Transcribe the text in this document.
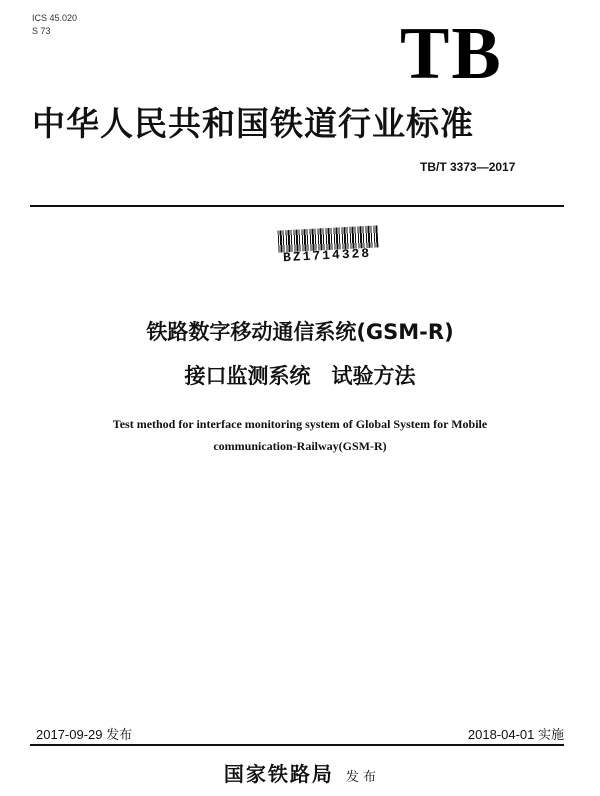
ICS 45.020
S 73	TB
中华人民共和国铁道行业标准
TB/T 3373—2017
BZ1714328
铁路数字移动通信系统(GSM-R)
接口监测系统　试验方法
Test method for interface monitoring system of Global System for Mobile
communication-Railway(GSM-R)
2017-09-29 发布	2018-04-01 实施
国家铁路局 发 布
